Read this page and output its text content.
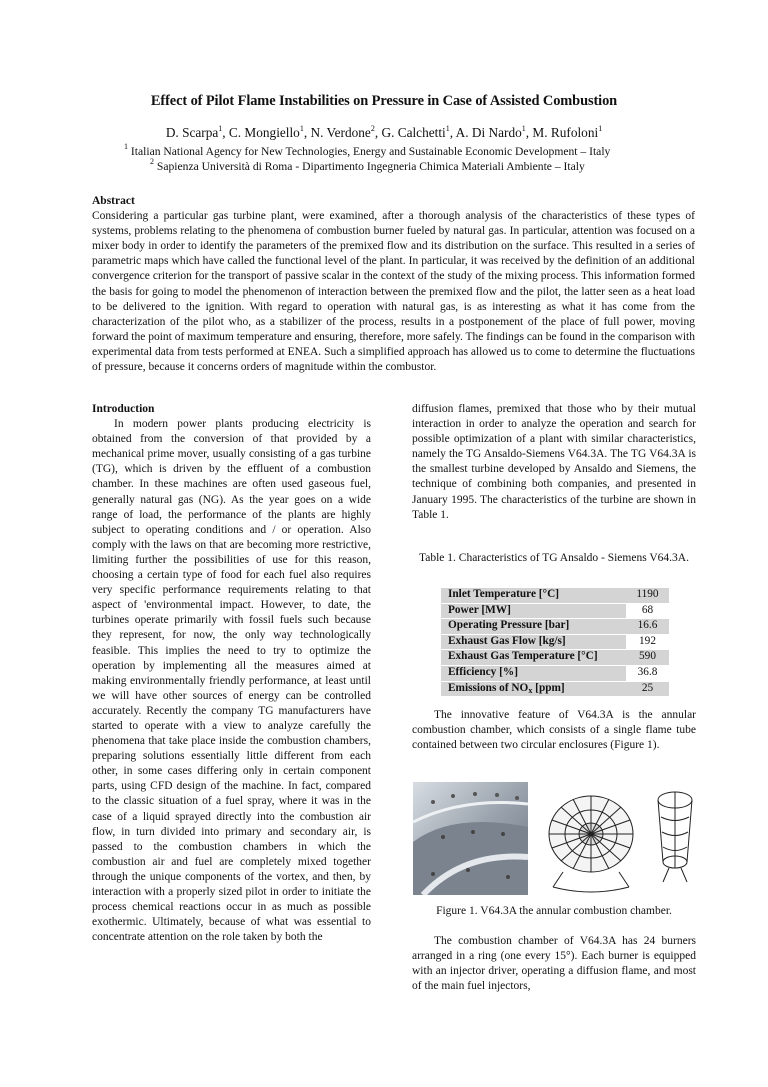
Effect of Pilot Flame Instabilities on Pressure in Case of Assisted Combustion
D. Scarpa$^1$, C. Mongiello$^1$, N. Verdone$^2$, G. Calchetti$^1$, A. Di Nardo$^1$, M. Rufoloni$^1$
$^1$ Italian National Agency for New Technologies, Energy and Sustainable Economic Development – Italy
$^2$ Sapienza Università di Roma - Dipartimento Ingegneria Chimica Materiali Ambiente – Italy
Abstract
Considering a particular gas turbine plant, were examined, after a thorough analysis of the characteristics of these types of systems, problems relating to the phenomena of combustion burner fueled by natural gas. In particular, attention was focused on a mixer body in order to identify the parameters of the premixed flow and its distribution on the surface. This resulted in a series of parametric maps which have called the functional level of the plant. In particular, it was received by the definition of an additional convergence criterion for the transport of passive scalar in the context of the study of the mixing process. This information formed the basis for going to model the phenomenon of interaction between the premixed flow and the pilot, the latter seen as a heat load to be delivered to the ignition. With regard to operation with natural gas, is as interesting as what it has come from the characterization of the pilot who, as a stabilizer of the process, results in a postponement of the place of full power, moving forward the point of maximum temperature and ensuring, therefore, more safely. The findings can be found in the comparison with experimental data from tests performed at ENEA. Such a simplified approach has allowed us to come to determine the fluctuations of pressure, because it concerns orders of magnitude within the combustor.
Introduction
In modern power plants producing electricity is obtained from the conversion of that provided by a mechanical prime mover, usually consisting of a gas turbine (TG), which is driven by the effluent of a combustion chamber. In these machines are often used gaseous fuel, generally natural gas (NG). As the year goes on a wide range of load, the performance of the plants are highly subject to operating conditions and / or operation. Also comply with the laws on that are becoming more restrictive, limiting further the possibilities of use for this reason, choosing a certain type of food for each fuel also requires very specific performance requirements relating to that aspect of 'environmental impact. However, to date, the turbines operate primarily with fossil fuels such because they represent, for now, the only way technologically feasible. This implies the need to try to optimize the operation by implementing all the measures aimed at making environmentally friendly performance, at least until we will have other sources of energy can be controlled accurately. Recently the company TG manufacturers have started to operate with a view to analyze carefully the phenomena that take place inside the combustion chambers, preparing solutions essentially little different from each other, in some cases differing only in certain component parts, using CFD design of the machine. In fact, compared to the classic situation of a fuel spray, where it was in the case of a liquid sprayed directly into the combustion air flow, in turn divided into primary and secondary air, is passed to the combustion chambers in which the combustion air and fuel are completely mixed together through the unique components of the vortex, and then, by interaction with a properly sized pilot in order to initiate the process chemical reactions occur in as much as possible exothermic. Ultimately, because of what was essential to concentrate attention on the role taken by both the
diffusion flames, premixed that those who by their mutual interaction in order to analyze the operation and search for possible optimization of a plant with similar characteristics, namely the TG Ansaldo-Siemens V64.3A. The TG V64.3A is the smallest turbine developed by Ansaldo and Siemens, the technique of combining both companies, and presented in January 1995. The characteristics of the turbine are shown in Table 1.
Table 1. Characteristics of TG Ansaldo - Siemens V64.3A.
Inlet Temperature [°C]	1190
Power [MW]	68
Operating Pressure [bar]	16.6
Exhaust Gas Flow [kg/s]	192
Exhaust Gas Temperature [°C]	590
Efficiency [%]	36.8
Emissions of $NO_x$ [ppm]	25
The innovative feature of V64.3A is the annular combustion chamber, which consists of a single flame tube contained between two circular enclosures (Figure 1).
Figure 1. V64.3A the annular combustion chamber.
The combustion chamber of V64.3A has 24 burners arranged in a ring (one every 15°). Each burner is equipped with an injector driver, operating a diffusion flame, and most of the main fuel injectors,
